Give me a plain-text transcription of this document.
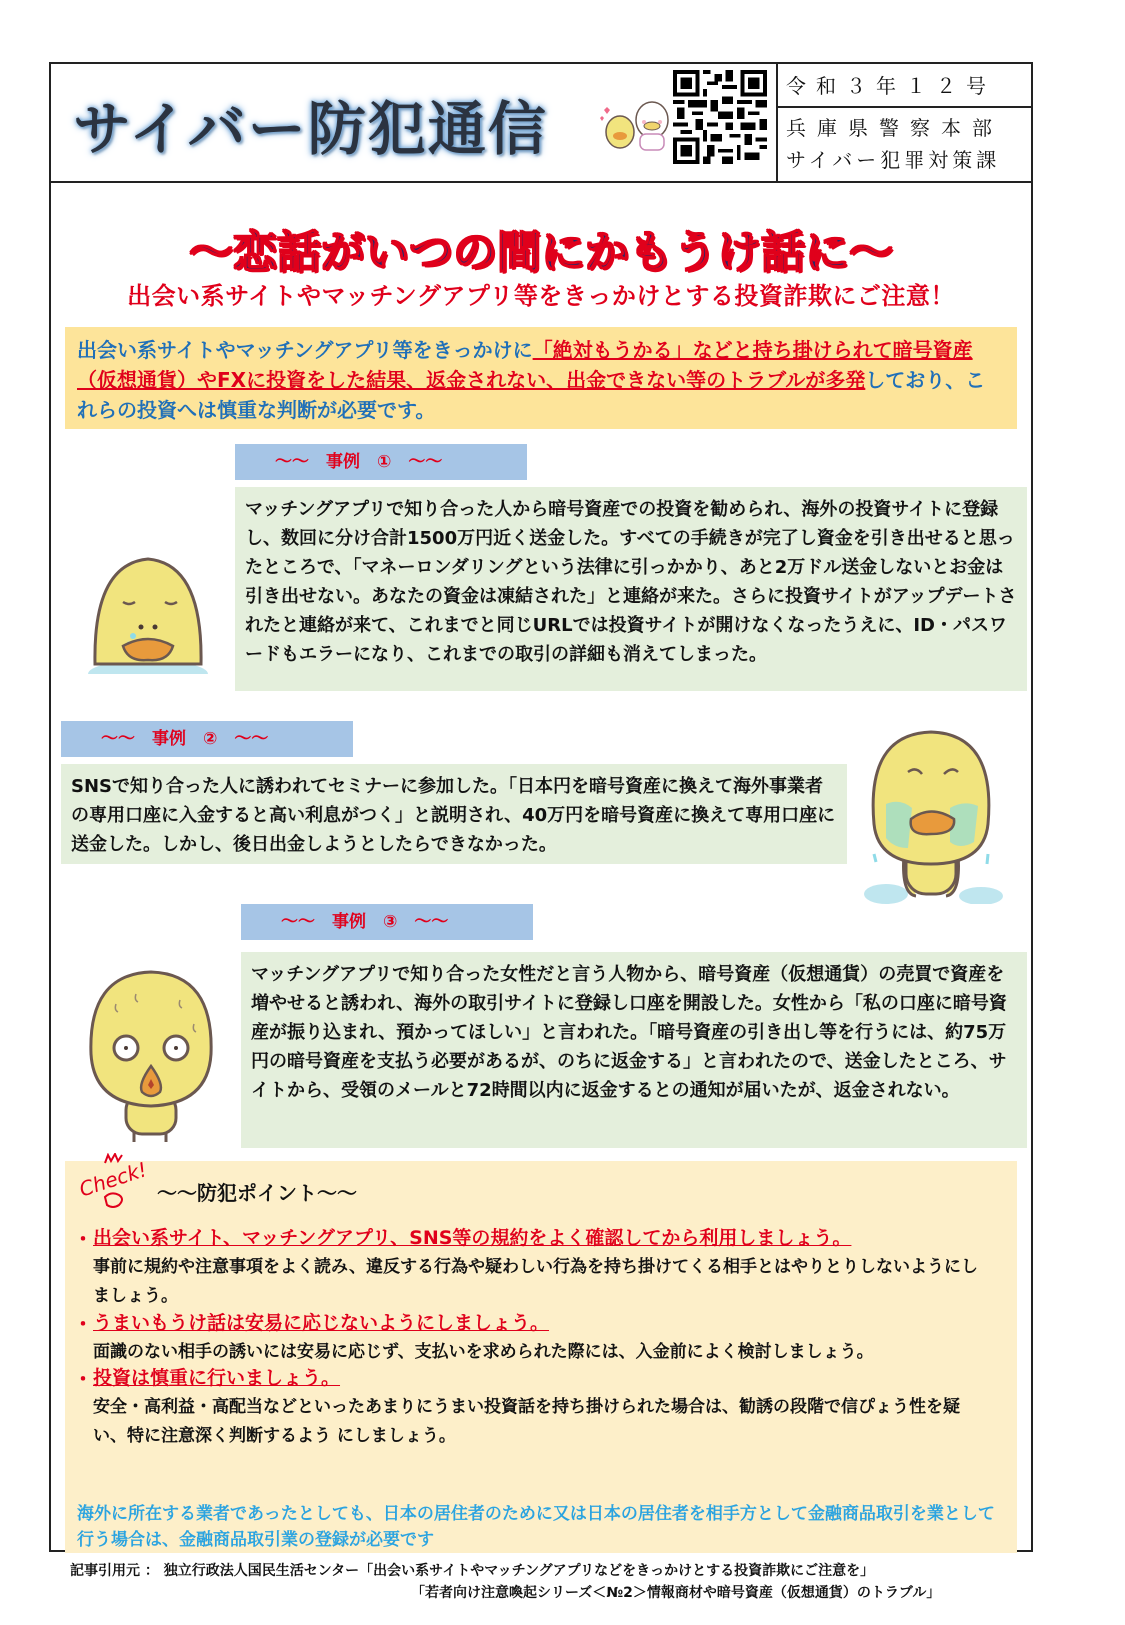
サイバー防犯通信
令和３年１２号
兵庫県警察本部
サイバー犯罪対策課
～恋話がいつの間にかもうけ話に～
出会い系サイトやマッチングアプリ等をきっかけとする投資詐欺にご注意！
出会い系サイトやマッチングアプリ等をきっかけに「絶対もうかる」などと持ち掛けられて暗号資産（仮想通貨）やFXに投資をした結果、返金されない、出金できない等のトラブルが多発しており、これらの投資へは慎重な判断が必要です。
～～　事例　①　～～
マッチングアプリで知り合った人から暗号資産での投資を勧められ、海外の投資サイトに登録し、数回に分け合計1500万円近く送金した。すべての手続きが完了し資金を引き出せると思ったところで、「マネーロンダリングという法律に引っかかり、あと2万ドル送金しないとお金は引き出せない。あなたの資金は凍結された」と連絡が来た。さらに投資サイトがアップデートされたと連絡が来て、これまでと同じURLでは投資サイトが開けなくなったうえに、ID・パスワードもエラーになり、これまでの取引の詳細も消えてしまった。
～～　事例　②　～～
SNSで知り合った人に誘われてセミナーに参加した。「日本円を暗号資産に換えて海外事業者の専用口座に入金すると高い利息がつく」と説明され、40万円を暗号資産に換えて専用口座に送金した。しかし、後日出金しようとしたらできなかった。
～～　事例　③　～～
マッチングアプリで知り合った女性だと言う人物から、暗号資産（仮想通貨）の売買で資産を増やせると誘われ、海外の取引サイトに登録し口座を開設した。女性から「私の口座に暗号資産が振り込まれ、預かってほしい」と言われた。「暗号資産の引き出し等を行うには、約75万円の暗号資産を支払う必要があるが、のちに返金する」と言われたので、送金したところ、サイトから、受領のメールと72時間以内に返金するとの通知が届いたが、返金されない。
Check! ～～防犯ポイント～～
・ 出会い系サイト、マッチングアプリ、SNS等の規約をよく確認してから利用しましょう。
事前に規約や注意事項をよく読み、違反する行為や疑わしい行為を持ち掛けてくる相手とはやりとりしないようにしましょう。
・ うまいもうけ話は安易に応じないようにしましょう。
面識のない相手の誘いには安易に応じず、支払いを求められた際には、入金前によく検討しましょう。
・ 投資は慎重に行いましょう。
安全・高利益・高配当などといったあまりにうまい投資話を持ち掛けられた場合は、勧誘の段階で信ぴょう性を疑い、特に注意深く判断するよう にしましょう。
海外に所在する業者であったとしても、日本の居住者のために又は日本の居住者を相手方として金融商品取引を業として行う場合は、金融商品取引業の登録が必要です
記事引用元 ： 独立行政法人国民生活センター「出会い系サイトやマッチングアプリなどをきっかけとする投資詐欺にご注意を」
「若者向け注意喚起シリーズ＜№2＞情報商材や暗号資産（仮想通貨）のトラブル」
